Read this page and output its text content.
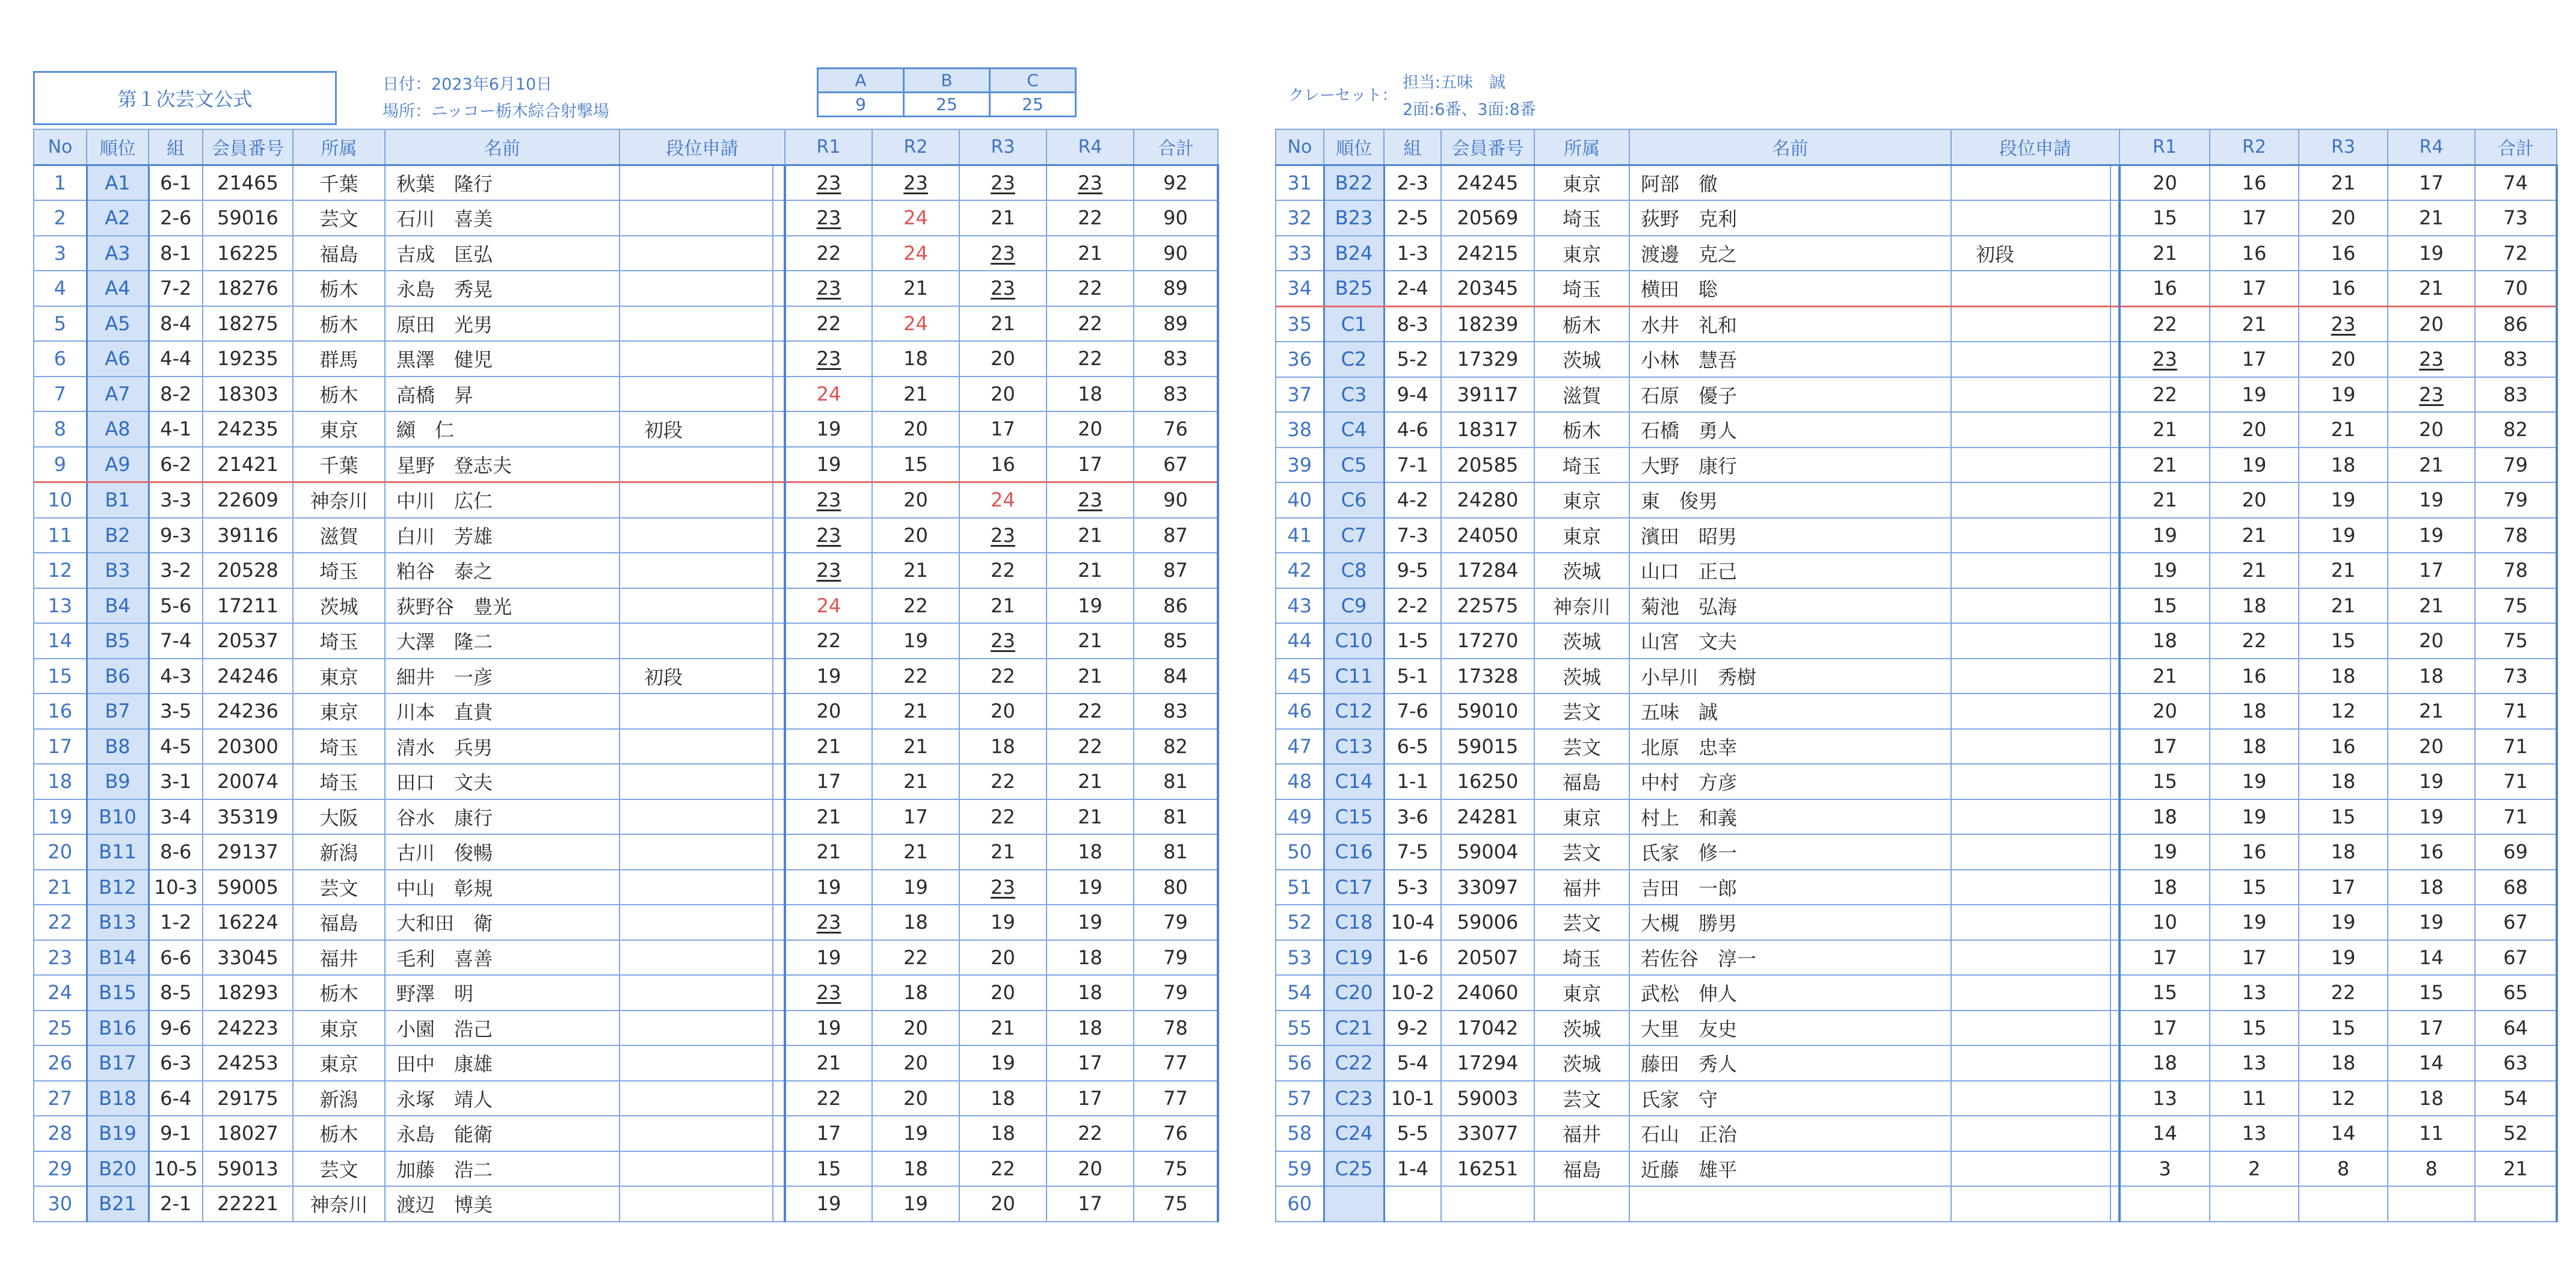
第１次芸文公式
日付：2023年6月10日
場所：ニッコー栃木綜合射撃場
A	B	C
9	25	25	クレーセット：
担当:五味　誠
2面:6番、3面:8番
No	順位	組	会員番号	所属	名前	段位申請		R1	R2	R3	R4	合計
1	A1	6-1	21465	千葉	秋葉　隆行			23	23	23	23	92
2	A2	2-6	59016	芸文	石川　喜美			23	24	21	22	90
3	A3	8-1	16225	福島	吉成　匡弘			22	24	23	21	90
4	A4	7-2	18276	栃木	永島　秀晃			23	21	23	22	89
5	A5	8-4	18275	栃木	原田　光男			22	24	21	22	89
6	A6	4-4	19235	群馬	黒澤　健児			23	18	20	22	83
7	A7	8-2	18303	栃木	高橋　昇			24	21	20	18	83
8	A8	4-1	24235	東京	纐　仁	初段		19	20	17	20	76
9	A9	6-2	21421	千葉	星野　登志夫			19	15	16	17	67
10	B1	3-3	22609	神奈川	中川　広仁			23	20	24	23	90
11	B2	9-3	39116	滋賀	白川　芳雄			23	20	23	21	87
12	B3	3-2	20528	埼玉	粕谷　泰之			23	21	22	21	87
13	B4	5-6	17211	茨城	荻野谷　豊光			24	22	21	19	86
14	B5	7-4	20537	埼玉	大澤　隆二			22	19	23	21	85
15	B6	4-3	24246	東京	細井　一彦	初段		19	22	22	21	84
16	B7	3-5	24236	東京	川本　直貴			20	21	20	22	83
17	B8	4-5	20300	埼玉	清水　兵男			21	21	18	22	82
18	B9	3-1	20074	埼玉	田口　文夫			17	21	22	21	81
19	B10	3-4	35319	大阪	谷水　康行			21	17	22	21	81
20	B11	8-6	29137	新潟	古川　俊暢			21	21	21	18	81
21	B12	10-3	59005	芸文	中山　彰規			19	19	23	19	80
22	B13	1-2	16224	福島	大和田　衛			23	18	19	19	79
23	B14	6-6	33045	福井	毛利　喜善			19	22	20	18	79
24	B15	8-5	18293	栃木	野澤　明			23	18	20	18	79
25	B16	9-6	24223	東京	小園　浩己			19	20	21	18	78
26	B17	6-3	24253	東京	田中　康雄			21	20	19	17	77
27	B18	6-4	29175	新潟	永塚　靖人			22	20	18	17	77
28	B19	9-1	18027	栃木	永島　能衛			17	19	18	22	76
29	B20	10-5	59013	芸文	加藤　浩二			15	18	22	20	75
30	B21	2-1	22221	神奈川	渡辺　博美			19	19	20	17	75
No	順位	組	会員番号	所属	名前	段位申請		R1	R2	R3	R4	合計
31	B22	2-3	24245	東京	阿部　徹			20	16	21	17	74
32	B23	2-5	20569	埼玉	荻野　克利			15	17	20	21	73
33	B24	1-3	24215	東京	渡邊　克之	初段		21	16	16	19	72
34	B25	2-4	20345	埼玉	横田　聡			16	17	16	21	70
35	C1	8-3	18239	栃木	水井　礼和			22	21	23	20	86
36	C2	5-2	17329	茨城	小林　慧吾			23	17	20	23	83
37	C3	9-4	39117	滋賀	石原　優子			22	19	19	23	83
38	C4	4-6	18317	栃木	石橋　勇人			21	20	21	20	82
39	C5	7-1	20585	埼玉	大野　康行			21	19	18	21	79
40	C6	4-2	24280	東京	東　俊男			21	20	19	19	79
41	C7	7-3	24050	東京	濱田　昭男			19	21	19	19	78
42	C8	9-5	17284	茨城	山口　正己			19	21	21	17	78
43	C9	2-2	22575	神奈川	菊池　弘海			15	18	21	21	75
44	C10	1-5	17270	茨城	山宮　文夫			18	22	15	20	75
45	C11	5-1	17328	茨城	小早川　秀樹			21	16	18	18	73
46	C12	7-6	59010	芸文	五味　誠			20	18	12	21	71
47	C13	6-5	59015	芸文	北原　忠幸			17	18	16	20	71
48	C14	1-1	16250	福島	中村　方彦			15	19	18	19	71
49	C15	3-6	24281	東京	村上　和義			18	19	15	19	71
50	C16	7-5	59004	芸文	氏家　修一			19	16	18	16	69
51	C17	5-3	33097	福井	吉田　一郎			18	15	17	18	68
52	C18	10-4	59006	芸文	大槻　勝男			10	19	19	19	67
53	C19	1-6	20507	埼玉	若佐谷　淳一			17	17	19	14	67
54	C20	10-2	24060	東京	武松　伸人			15	13	22	15	65
55	C21	9-2	17042	茨城	大里　友史			17	15	15	17	64
56	C22	5-4	17294	茨城	藤田　秀人			18	13	18	14	63
57	C23	10-1	59003	芸文	氏家　守			13	11	12	18	54
58	C24	5-5	33077	福井	石山　正治			14	13	14	11	52
59	C25	1-4	16251	福島	近藤　雄平			3	2	8	8	21
60												
